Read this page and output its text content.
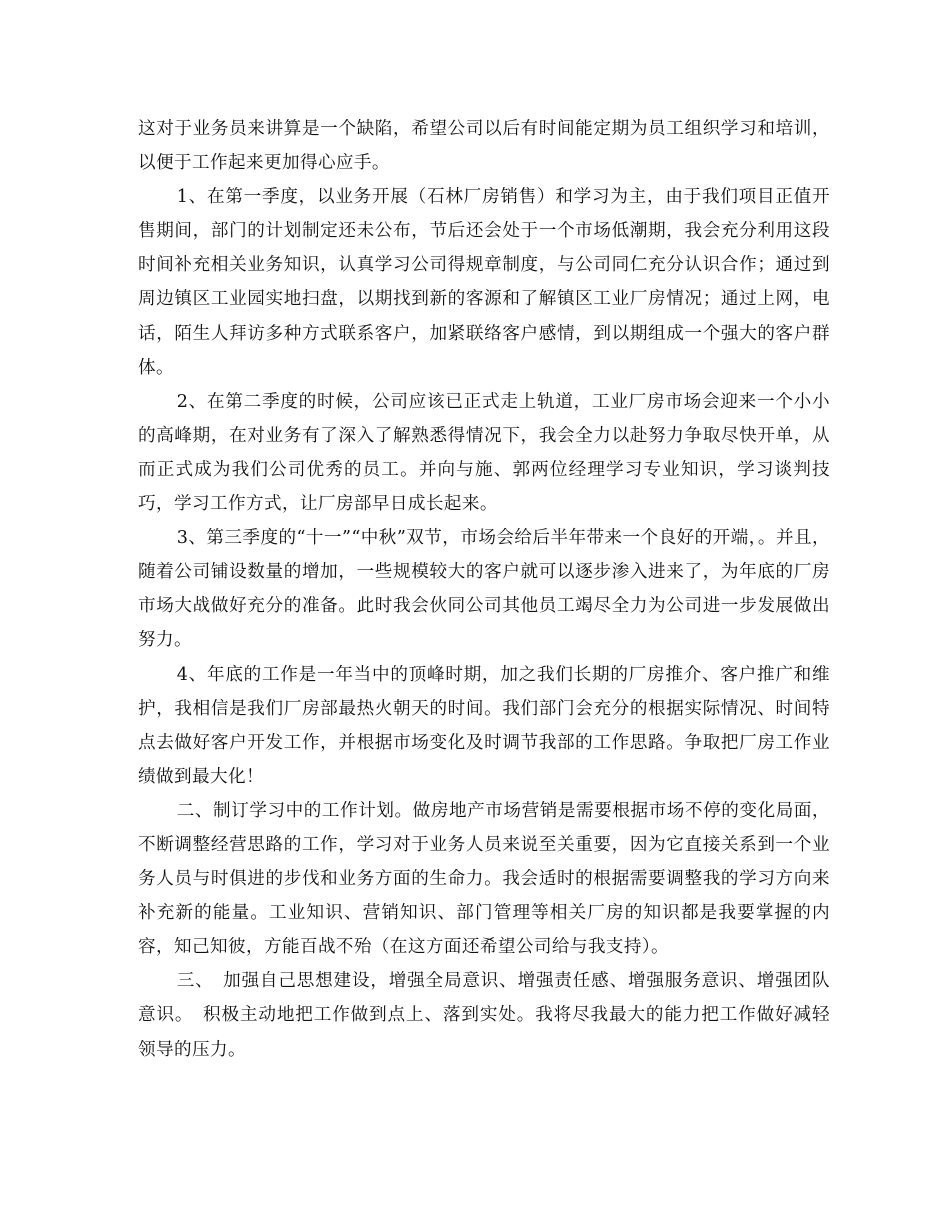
这对于业务员来讲算是一个缺陷，希望公司以后有时间能定期为员工组织学习和培训，以便于工作起来更加得心应手。

1、在第一季度，以业务开展（石林厂房销售）和学习为主，由于我们项目正值开售期间，部门的计划制定还未公布，节后还会处于一个市场低潮期，我会充分利用这段时间补充相关业务知识，认真学习公司得规章制度，与公司同仁充分认识合作；通过到周边镇区工业园实地扫盘，以期找到新的客源和了解镇区工业厂房情况；通过上网，电话，陌生人拜访多种方式联系客户，加紧联络客户感情，到以期组成一个强大的客户群体。

2、在第二季度的时候，公司应该已正式走上轨道，工业厂房市场会迎来一个小小的高峰期，在对业务有了深入了解熟悉得情况下，我会全力以赴努力争取尽快开单，从而正式成为我们公司优秀的员工。并向与施、郭两位经理学习专业知识，学习谈判技巧，学习工作方式，让厂房部早日成长起来。

3、第三季度的“十一”“中秋”双节，市场会给后半年带来一个良好的开端，。并且，随着公司铺设数量的增加，一些规模较大的客户就可以逐步渗入进来了，为年底的厂房市场大战做好充分的准备。此时我会伙同公司其他员工竭尽全力为公司进一步发展做出努力。

4、年底的工作是一年当中的顶峰时期，加之我们长期的厂房推介、客户推广和维护，我相信是我们厂房部最热火朝天的时间。我们部门会充分的根据实际情况、时间特点去做好客户开发工作，并根据市场变化及时调节我部的工作思路。争取把厂房工作业绩做到最大化！

二、制订学习中的工作计划。做房地产市场营销是需要根据市场不停的变化局面，不断调整经营思路的工作，学习对于业务人员来说至关重要，因为它直接关系到一个业务人员与时俱进的步伐和业务方面的生命力。我会适时的根据需要调整我的学习方向来补充新的能量。工业知识、营销知识、部门管理等相关厂房的知识都是我要掌握的内容，知己知彼，方能百战不殆（在这方面还希望公司给与我支持）。

三、　加强自己思想建设，增强全局意识、增强责任感、增强服务意识、增强团队意识。　积极主动地把工作做到点上、落到实处。我将尽我最大的能力把工作做好减轻领导的压力。
